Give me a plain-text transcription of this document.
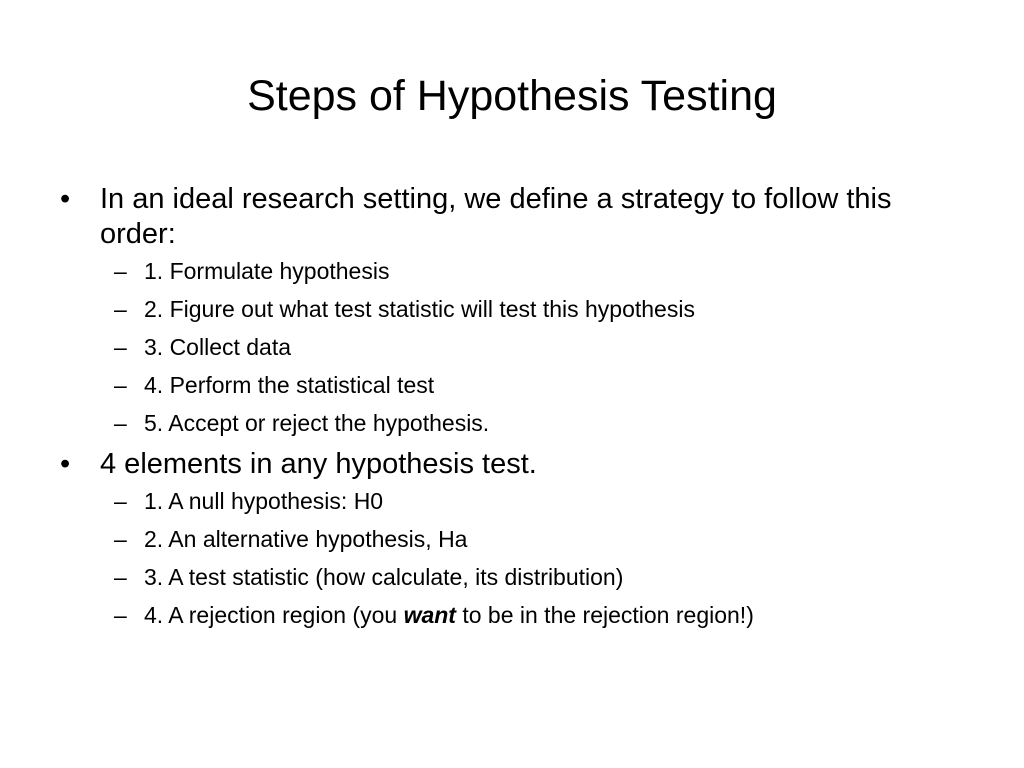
Steps of Hypothesis Testing
•	In an ideal research setting, we define a strategy to follow this order:
– 1. Formulate hypothesis
– 2. Figure out what test statistic will test this hypothesis
– 3. Collect data
– 4. Perform the statistical test
– 5. Accept or reject the hypothesis.
•	4 elements in any hypothesis test.
– 1. A null hypothesis: H0
– 2. An alternative hypothesis, Ha
– 3. A test statistic (how calculate, its distribution)
– 4. A rejection region (you want to be in the rejection region!)
